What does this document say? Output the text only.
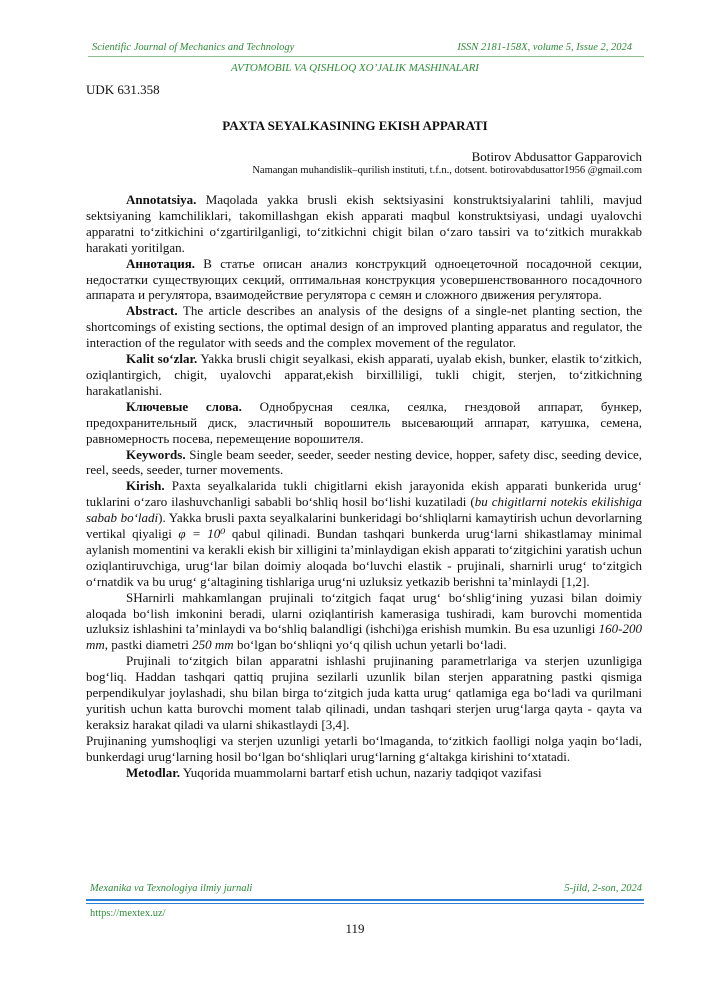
Scientific Journal of Mechanics and Technology	ISSN 2181-158X, volume 5, Issue 2, 2024
AVTOMOBIL VA QISHLOQ XO’JALIK MASHINALARI
UDK 631.358
PAXTA SEYALKASINING EKISH APPARATI
Botirov Abdusattor Gapparovich
Namangan muhandislik–qurilish instituti, t.f.n., dotsent. botirovabdusattor1956 @gmail.com

Annotatsiya. Maqolada yakka brusli ekish sektsiyasini konstruktsiyalarini tahlili, mavjud sektsiyaning kamchiliklari, takomillashgan ekish apparati maqbul konstruktsiyasi, undagi uyalovchi apparatni to‘zitkichini o‘zgartirilganligi, to‘zitkichni chigit bilan o‘zaro taьsiri va to‘zitkich murakkab harakati yoritilgan.

Аннотация. В статье описан анализ конструкций одноецеточной посадочной секции, недостатки существующих секций, оптимальная конструкция усовершенствованного посадочного аппарата и регулятора, взаимодействие регулятора с семян и сложного движения регулятора.

Abstract. The article describes an analysis of the designs of a single-net planting section, the shortcomings of existing sections, the optimal design of an improved planting apparatus and regulator, the interaction of the regulator with seeds and the complex movement of the regulator.

Kalit so‘zlar. Yakka brusli chigit seyalkasi, ekish apparati, uyalab ekish, bunker, elastik to‘zitkich, oziqlantirgich, chigit, uyalovchi apparat,ekish birxilliligi, tukli chigit, sterjen, to‘zitkichning harakatlanishi.

Ключевые слова. Однобрусная сеялка, сеялка, гнездовой аппарат, бункер, предохранительный диск, эластичный ворошитель высевающий аппарат, катушка, семена, равномерность посева, перемещение ворошителя.

Keywords. Single beam seeder, seeder, seeder nesting device, hopper, safety disc, seeding device, reel, seeds, seeder, turner movements.

Kirish. Paxta seyalkalarida tukli chigitlarni ekish jarayonida ekish apparati bunkerida urug‘ tuklarini o‘zaro ilashuvchanligi sababli bo‘shliq hosil bo‘lishi kuzatiladi (bu chigitlarni notekis ekilishiga sabab bo‘ladi). Yakka brusli paxta seyalkalarini bunkeridagi bo‘shliqlarni kamaytirish uchun devorlarning vertikal qiyaligi φ = 10⁰ qabul qilinadi. Bundan tashqari bunkerda urug‘larni shikastlamay minimal aylanish momentini va kerakli ekish bir xilligini ta’minlaydigan ekish apparati to‘zitgichini yaratish uchun oziqlantiruvchiga, urug‘lar bilan doimiy aloqada bo‘luvchi elastik - prujinali, sharnirli urug‘ to‘zitgich o‘rnatdik va bu urug‘ g‘altagining tishlariga urug‘ni uzluksiz yetkazib berishni ta’minlaydi [1,2].

SHarnirli mahkamlangan prujinali to‘zitgich faqat urug‘ bo‘shlig‘ining yuzasi bilan doimiy aloqada bo‘lish imkonini beradi, ularni oziqlantirish kamerasiga tushiradi, kam burovchi momentida uzluksiz ishlashini ta’minlaydi va bo‘shliq balandligi (ishchi)ga erishish mumkin. Bu esa uzunligi 160-200 mm, pastki diametri 250 mm bo‘lgan bo‘shliqni yo‘q qilish uchun yetarli bo‘ladi.

Prujinali to‘zitgich bilan apparatni ishlashi prujinaning parametrlariga va sterjen uzunligiga bog‘liq. Haddan tashqari qattiq prujina sezilarli uzunlik bilan sterjen apparatning pastki qismiga perpendikulyar joylashadi, shu bilan birga to‘zitgich juda katta urug‘ qatlamiga ega bo‘ladi va qurilmani yuritish uchun katta burovchi moment talab qilinadi, undan tashqari sterjen urug‘larga qayta - qayta va keraksiz harakat qiladi va ularni shikastlaydi [3,4].

Prujinaning yumshoqligi va sterjen uzunligi yetarli bo‘lmaganda, to‘zitkich faolligi nolga yaqin bo‘ladi, bunkerdagi urug‘larning hosil bo‘lgan bo‘shliqlari urug‘larning g‘altakga kirishini to‘xtatadi.

Metodlar. Yuqorida muammolarni bartarf etish uchun, nazariy tadqiqot vazifasi

Mexanika va Texnologiya ilmiy jurnali	5-jild, 2-son, 2024
https://mextex.uz/
119
